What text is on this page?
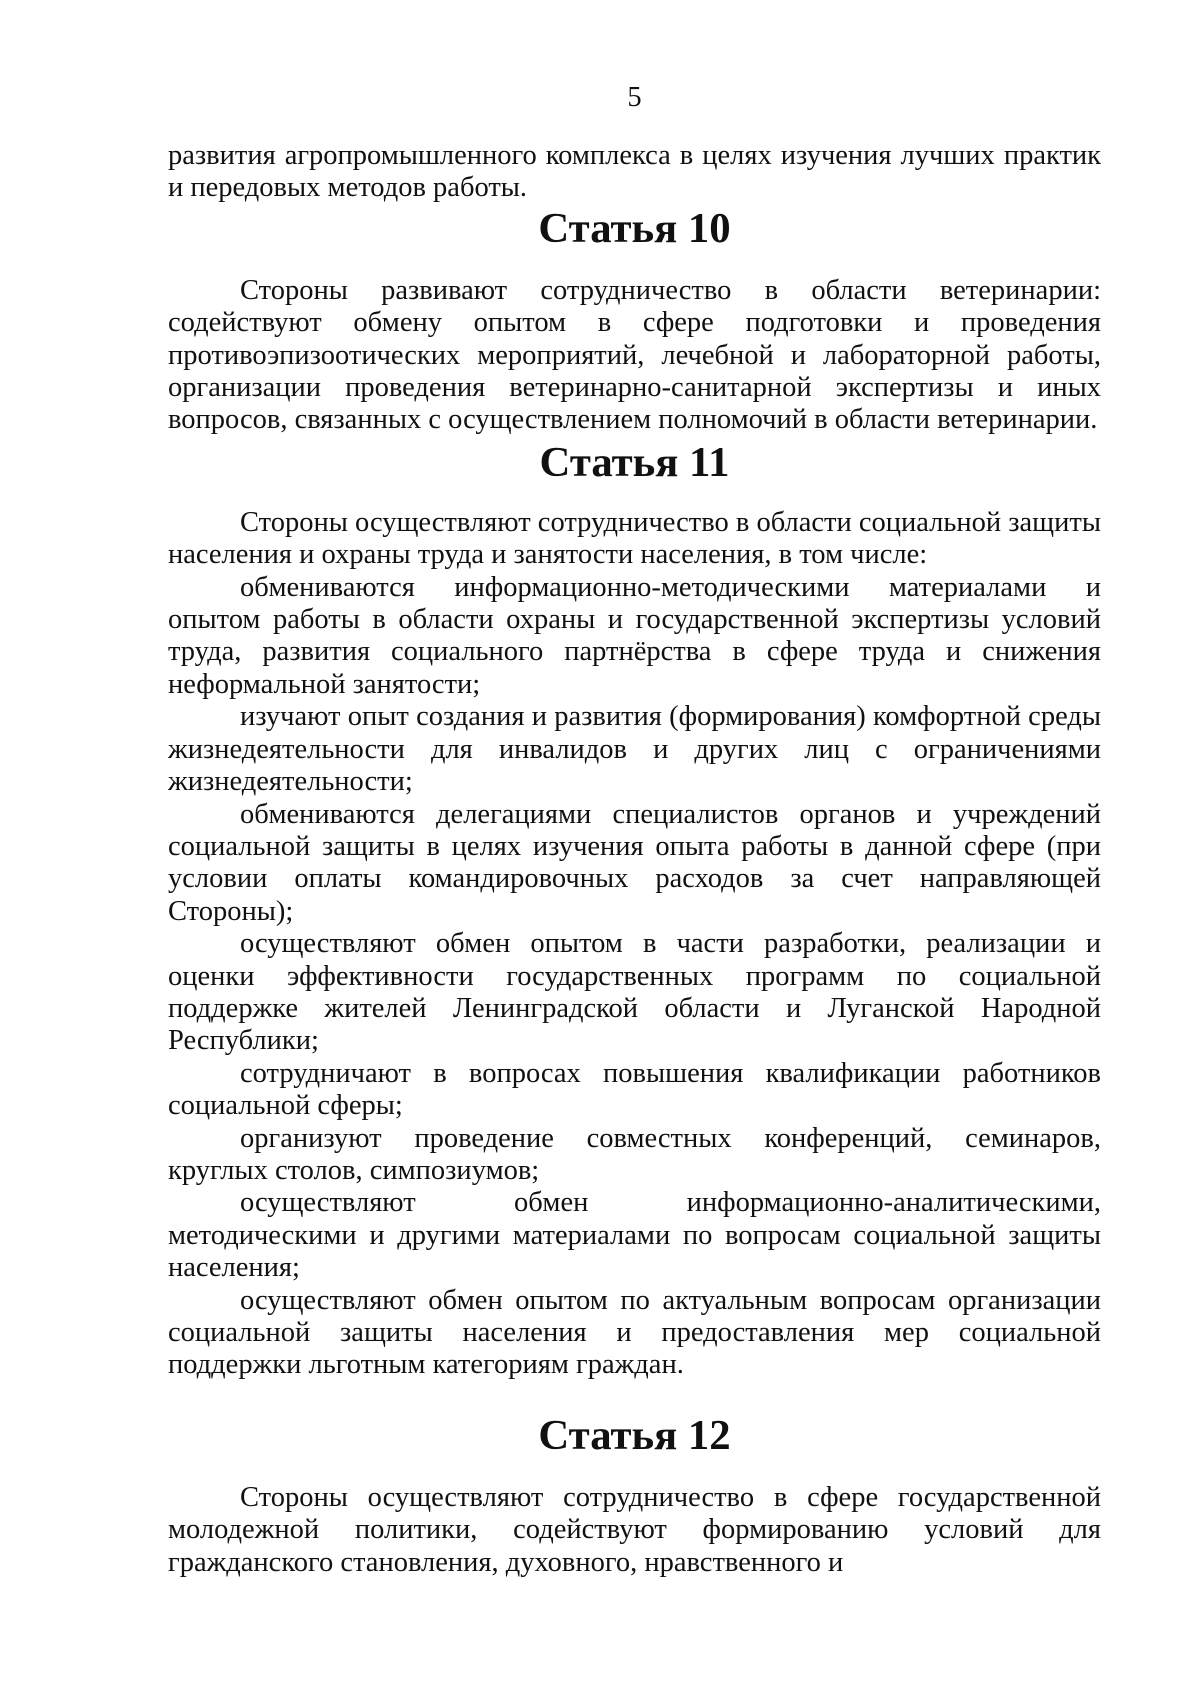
5

развития агропромышленного комплекса в целях изучения лучших практик и передовых методов работы.

Статья 10

Стороны развивают сотрудничество в области ветеринарии: содействуют обмену опытом в сфере подготовки и проведения противоэпизоотических мероприятий, лечебной и лабораторной работы, организации проведения ветеринарно-санитарной экспертизы и иных вопросов, связанных с осуществлением полномочий в области ветеринарии.

Статья 11

Стороны осуществляют сотрудничество в области социальной защиты населения и охраны труда и занятости населения, в том числе:

обмениваются информационно-методическими материалами и опытом работы в области охраны и государственной экспертизы условий труда, развития социального партнёрства в сфере труда и снижения неформальной занятости;

изучают опыт создания и развития (формирования) комфортной среды жизнедеятельности для инвалидов и других лиц с ограничениями жизнедеятельности;

обмениваются делегациями специалистов органов и учреждений социальной защиты в целях изучения опыта работы в данной сфере (при условии оплаты командировочных расходов за счет направляющей Стороны);

осуществляют обмен опытом в части разработки, реализации и оценки эффективности государственных программ по социальной поддержке жителей Ленинградской области и Луганской Народной Республики;

сотрудничают в вопросах повышения квалификации работников социальной сферы;

организуют проведение совместных конференций, семинаров, круглых столов, симпозиумов;

осуществляют обмен информационно-аналитическими, методическими и другими материалами по вопросам социальной защиты населения;

осуществляют обмен опытом по актуальным вопросам организации социальной защиты населения и предоставления мер социальной поддержки льготным категориям граждан.

Статья 12

Стороны осуществляют сотрудничество в сфере государственной молодежной политики, содействуют формированию условий для гражданского становления, духовного, нравственного и
